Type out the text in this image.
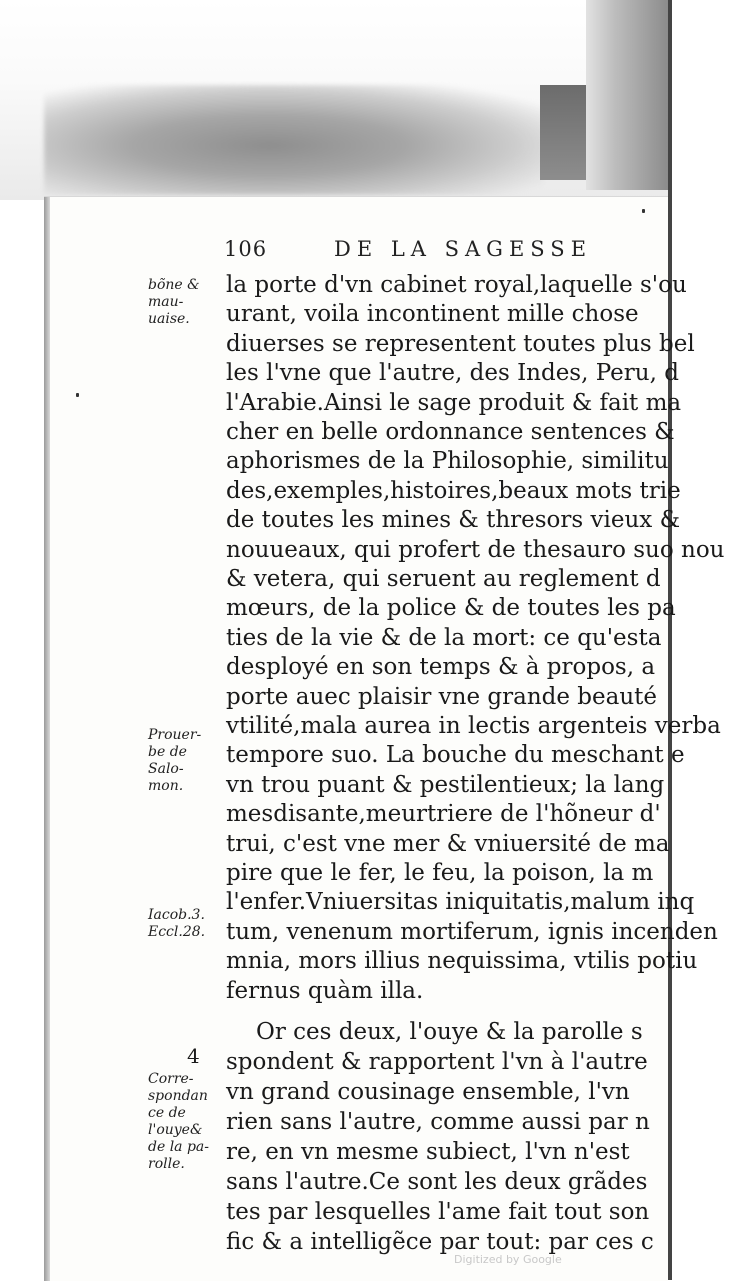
106	DE LA SAGESSE
bõne &
mau-
uaise.
Prouer-
be de
Salo-
mon.
Iacob.3.
Eccl.28.
4
Corre-
spondan
ce de
l'ouye&
de la pa-
rolle.
la porte d'vn cabinet royal,laquelle s'ou
urant, voila incontinent mille chose
diuerses se representent toutes plus bel
les l'vne que l'autre, des Indes, Peru, d
l'Arabie.Ainsi le sage produit & fait ma
cher en belle ordonnance sentences &
aphorismes de la Philosophie, similitu
des,exemples,histoires,beaux mots trie
de toutes les mines & thresors vieux &
nouueaux, qui profert de thesauro suo nou
& vetera, qui seruent au reglement d
mœurs, de la police & de toutes les pa
ties de la vie & de la mort: ce qu'esta
desployé en son temps & à propos, a
porte auec plaisir vne grande beauté
vtilité,mala aurea in lectis argenteis verba
tempore suo. La bouche du meschant e
vn trou puant & pestilentieux; la lang
mesdisante,meurtriere de l'hõneur d'
trui, c'est vne mer & vniuersité de ma
pire que le fer, le feu, la poison, la m
l'enfer.Vniuersitas iniquitatis,malum inq
tum, venenum mortiferum, ignis incenden
mnia, mors illius nequissima, vtilis potiu
fernus quàm illa.
Or ces deux, l'ouye & la parolle s
spondent & rapportent l'vn à l'autre
vn grand cousinage ensemble, l'vn
rien sans l'autre, comme aussi par n
re, en vn mesme subiect, l'vn n'est
sans l'autre.Ce sont les deux grãdes
tes par lesquelles l'ame fait tout son
fic & a intelligẽce par tout: par ces c
Digitized by Google
